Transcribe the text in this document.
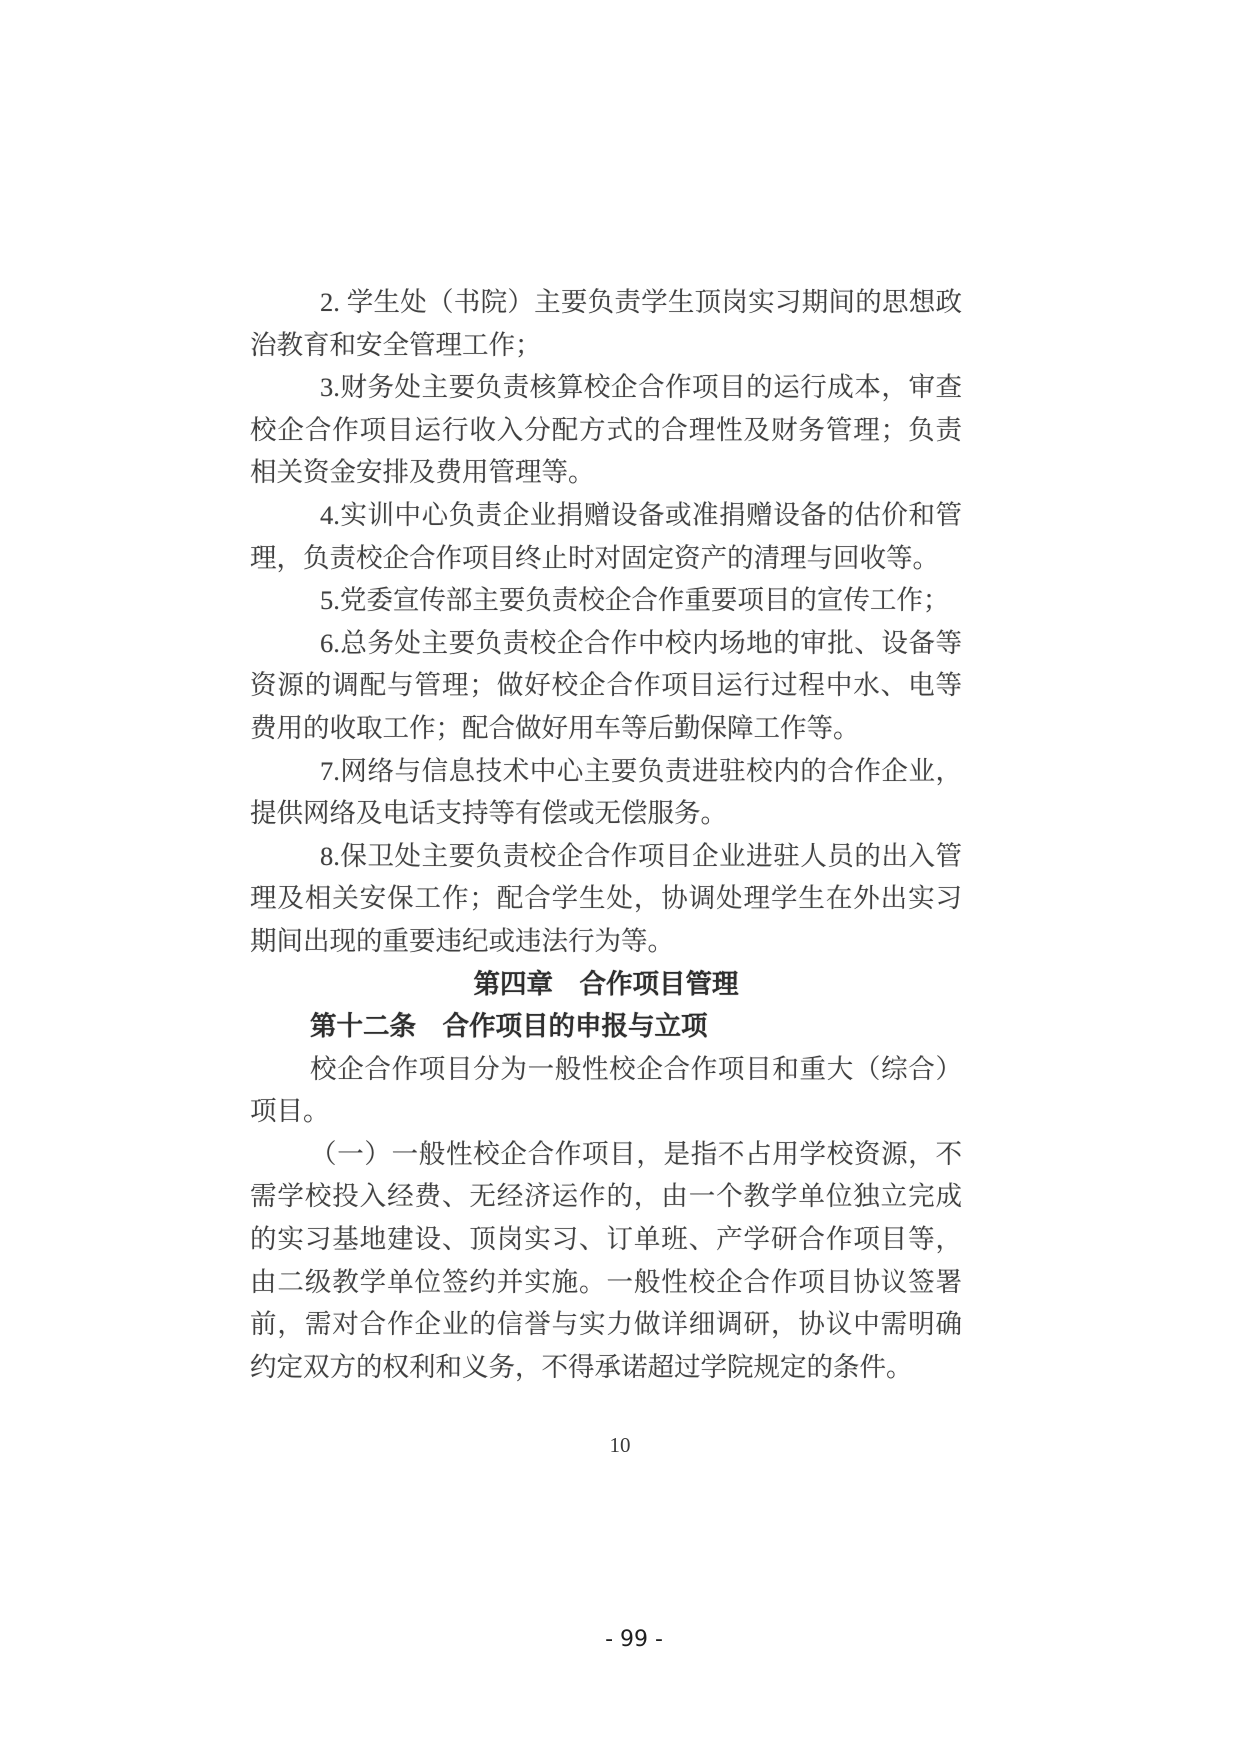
2. 学生处（书院）主要负责学生顶岗实习期间的思想政
治教育和安全管理工作；
3.财务处主要负责核算校企合作项目的运行成本，审查
校企合作项目运行收入分配方式的合理性及财务管理；负责
相关资金安排及费用管理等。
4.实训中心负责企业捐赠设备或准捐赠设备的估价和管
理，负责校企合作项目终止时对固定资产的清理与回收等。
5.党委宣传部主要负责校企合作重要项目的宣传工作；
6.总务处主要负责校企合作中校内场地的审批、设备等
资源的调配与管理；做好校企合作项目运行过程中水、电等
费用的收取工作；配合做好用车等后勤保障工作等。
7.网络与信息技术中心主要负责进驻校内的合作企业，
提供网络及电话支持等有偿或无偿服务。
8.保卫处主要负责校企合作项目企业进驻人员的出入管
理及相关安保工作；配合学生处，协调处理学生在外出实习
期间出现的重要违纪或违法行为等。
第四章　合作项目管理
第十二条　合作项目的申报与立项
校企合作项目分为一般性校企合作项目和重大（综合）
项目。
（一）一般性校企合作项目，是指不占用学校资源，不
需学校投入经费、无经济运作的，由一个教学单位独立完成
的实习基地建设、顶岗实习、订单班、产学研合作项目等，
由二级教学单位签约并实施。一般性校企合作项目协议签署
前，需对合作企业的信誉与实力做详细调研，协议中需明确
约定双方的权利和义务，不得承诺超过学院规定的条件。
10
- 99 -
